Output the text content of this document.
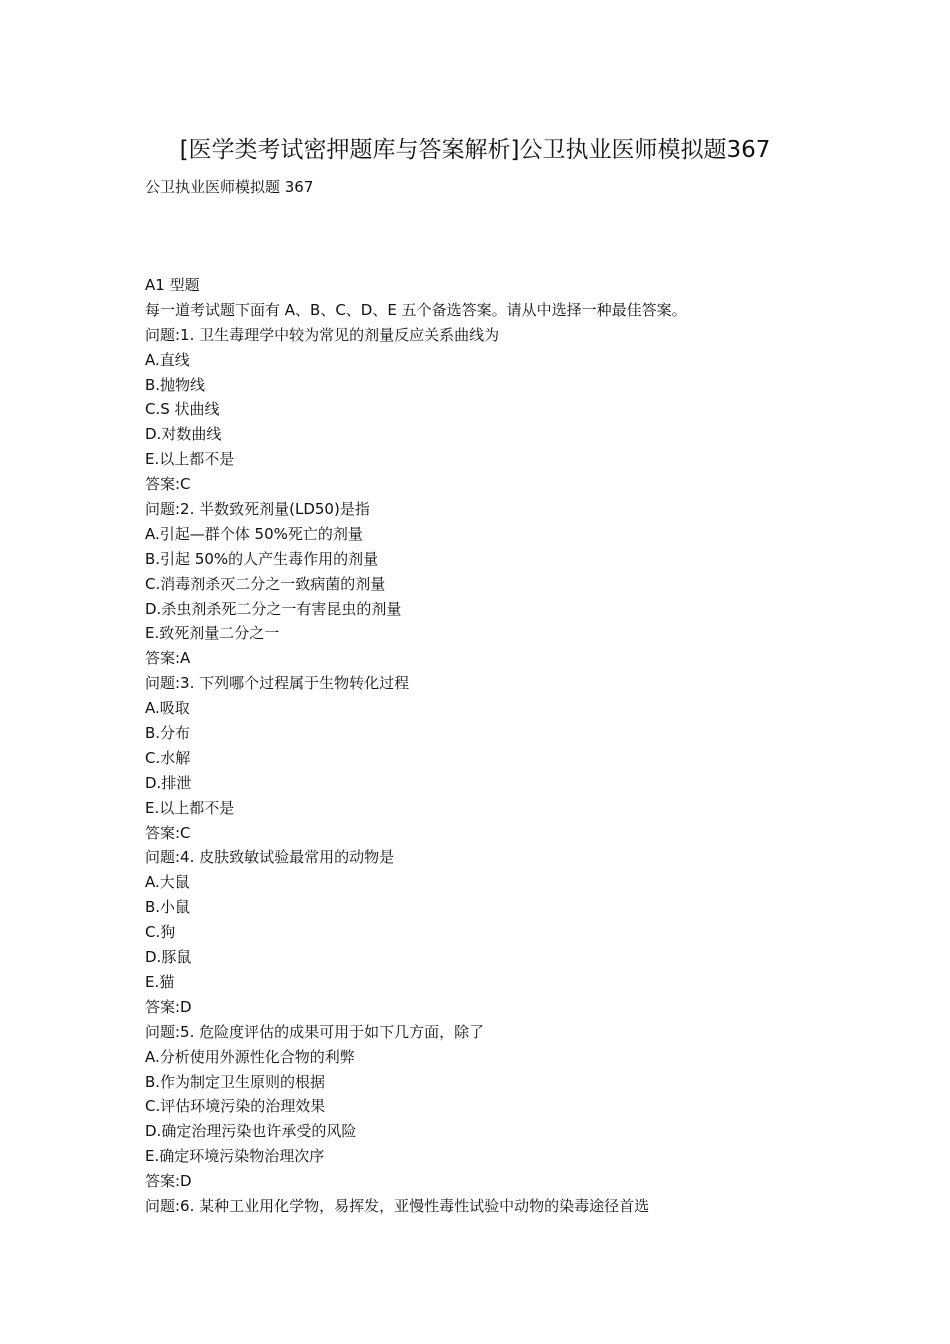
[医学类考试密押题库与答案解析]公卫执业医师模拟题367
公卫执业医师模拟题 367
A1 型题
每一道考试题下面有 A、B、C、D、E 五个备选答案。请从中选择一种最佳答案。
问题:1. 卫生毒理学中较为常见的剂量反应关系曲线为
A.直线
B.抛物线
C.S 状曲线
D.对数曲线
E.以上都不是
答案:C
问题:2. 半数致死剂量(LD50)是指
A.引起—群个体 50%死亡的剂量
B.引起 50%的人产生毒作用的剂量
C.消毒剂杀灭二分之一致病菌的剂量
D.杀虫剂杀死二分之一有害昆虫的剂量
E.致死剂量二分之一
答案:A
问题:3. 下列哪个过程属于生物转化过程
A.吸取
B.分布
C.水解
D.排泄
E.以上都不是
答案:C
问题:4. 皮肤致敏试验最常用的动物是
A.大鼠
B.小鼠
C.狗
D.豚鼠
E.猫
答案:D
问题:5. 危险度评估的成果可用于如下几方面，除了
A.分析使用外源性化合物的利弊
B.作为制定卫生原则的根据
C.评估环境污染的治理效果
D.确定治理污染也许承受的风险
E.确定环境污染物治理次序
答案:D
问题:6. 某种工业用化学物，易挥发，亚慢性毒性试验中动物的染毒途径首选
